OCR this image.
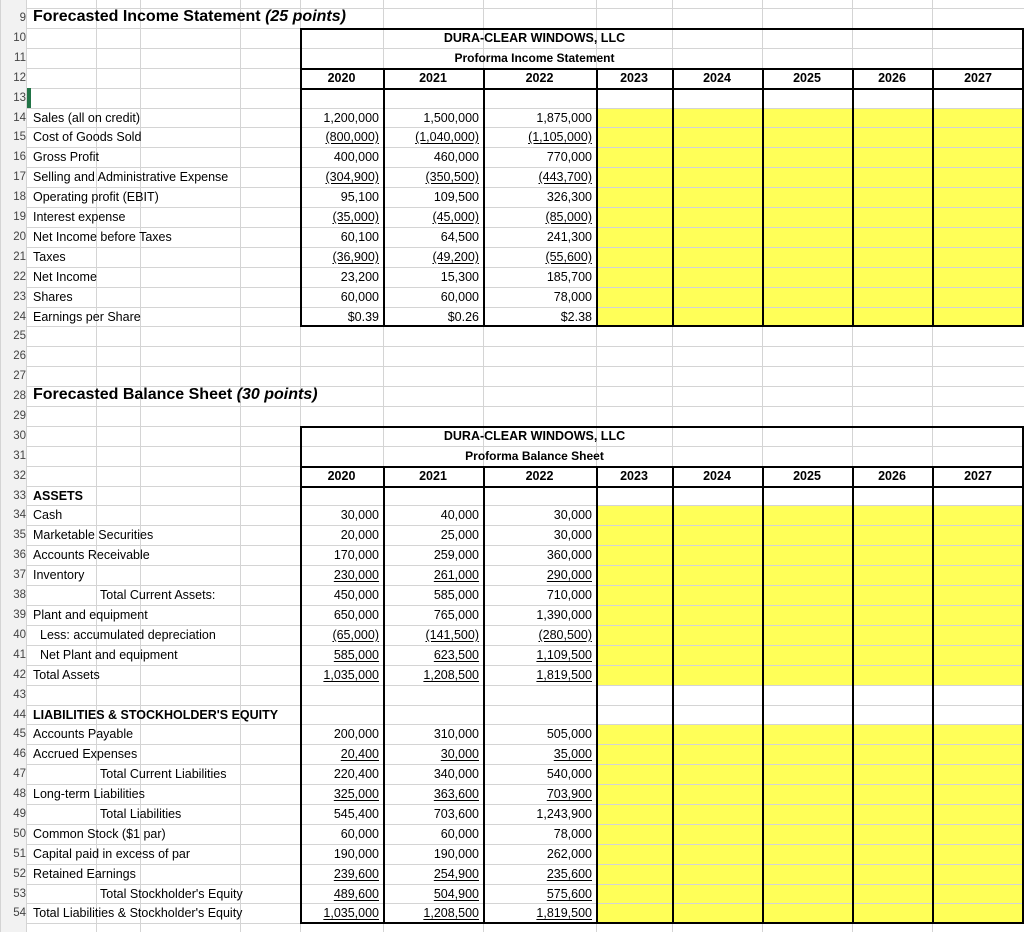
9
10
11
12
13
14
15
16
17
18
19
20
21
22
23
24
25
26
27
28
29
30
31
32
33
34
35
36
37
38
39
40
41
42
43
44
45
46
47
48
49
50
51
52
53
54
Forecasted Income Statement (25 points)
Forecasted Balance Sheet (30 points)
DURA-CLEAR WINDOWS, LLC
Proforma Income Statement
2020	2021	2022	2023	2024	2025	2026	2027
DURA-CLEAR WINDOWS, LLC
Proforma Balance Sheet
2020	2021	2022	2023	2024	2025	2026	2027
Sales (all on credit)	1,200,000	1,500,000	1,875,000
Cost of Goods Sold	(800,000)	(1,040,000)	(1,105,000)
Gross Profit	400,000	460,000	770,000
Selling and Administrative Expense	(304,900)	(350,500)	(443,700)
Operating profit (EBIT)	95,100	109,500	326,300
Interest expense	(35,000)	(45,000)	(85,000)
Net Income before Taxes	60,100	64,500	241,300
Taxes	(36,900)	(49,200)	(55,600)
Net Income	23,200	15,300	185,700
Shares	60,000	60,000	78,000
Earnings per Share	$0.39	$0.26	$2.38
ASSETS
Cash	30,000	40,000	30,000
Marketable Securities	20,000	25,000	30,000
Accounts Receivable	170,000	259,000	360,000
Inventory	230,000	261,000	290,000
Total Current Assets:	450,000	585,000	710,000
Plant and equipment	650,000	765,000	1,390,000
Less: accumulated depreciation	(65,000)	(141,500)	(280,500)
Net Plant and equipment	585,000	623,500	1,109,500
Total Assets	1,035,000	1,208,500	1,819,500
LIABILITIES & STOCKHOLDER'S EQUITY
Accounts Payable	200,000	310,000	505,000
Accrued Expenses	20,400	30,000	35,000
Total Current Liabilities	220,400	340,000	540,000
Long-term Liabilities	325,000	363,600	703,900
Total Liabilities	545,400	703,600	1,243,900
Common Stock ($1 par)	60,000	60,000	78,000
Capital paid in excess of par	190,000	190,000	262,000
Retained Earnings	239,600	254,900	235,600
Total Stockholder's Equity	489,600	504,900	575,600
Total Liabilities & Stockholder's Equity	1,035,000	1,208,500	1,819,500
